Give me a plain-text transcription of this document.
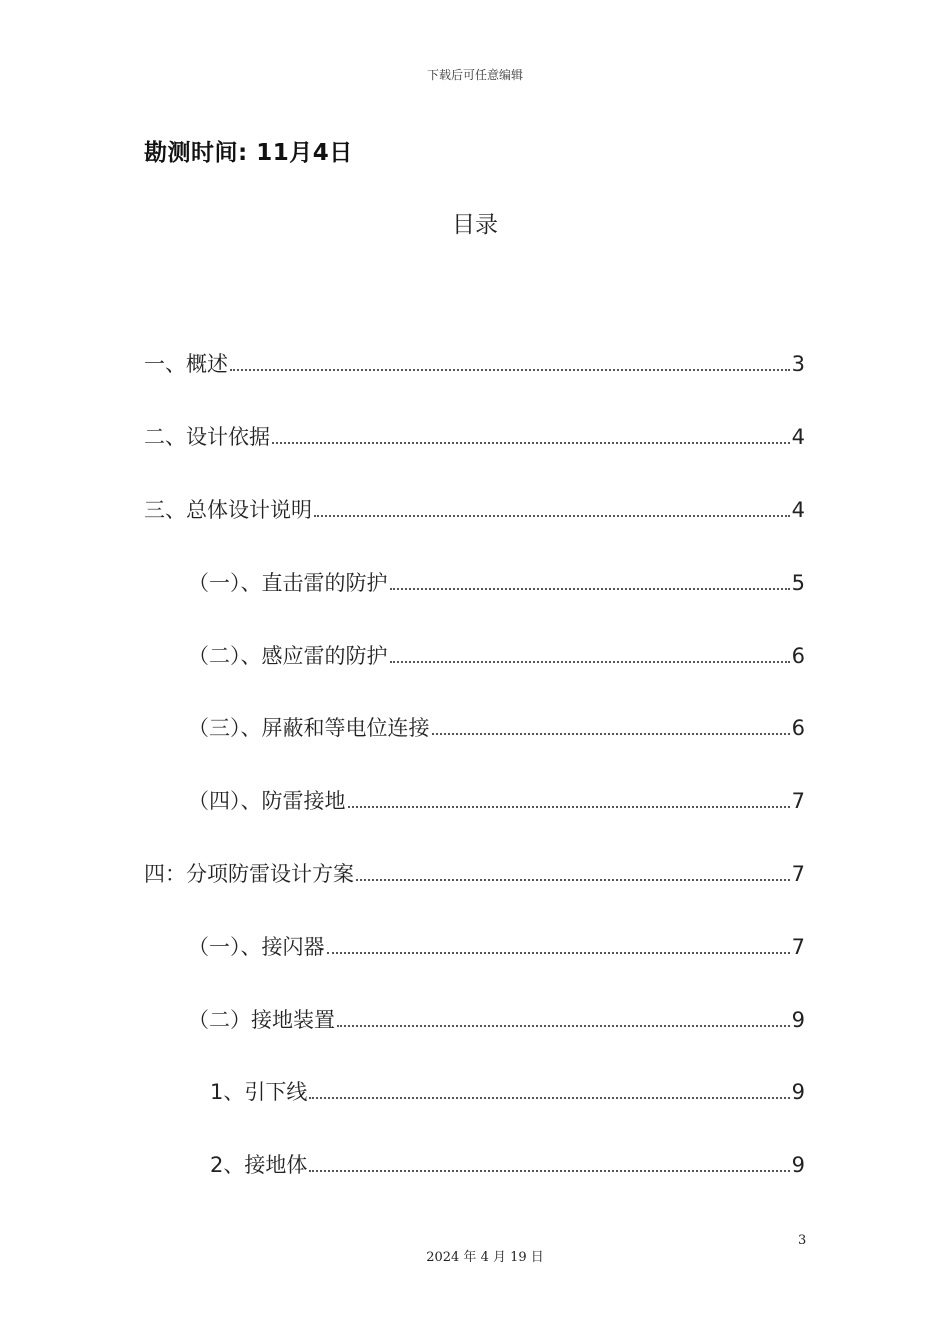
下载后可任意编辑
勘测时间: 11月4日
目录
一、概述	3
二、设计依据	4
三、总体设计说明	4
（一）、直击雷的防护	5
（二）、感应雷的防护	6
（三）、屏蔽和等电位连接	6
（四）、防雷接地	7
四：分项防雷设计方案	7
（一）、接闪器	7
（二）接地装置	9
1、引下线	9
2、接地体	9
3
2024 年 4 月 19 日
